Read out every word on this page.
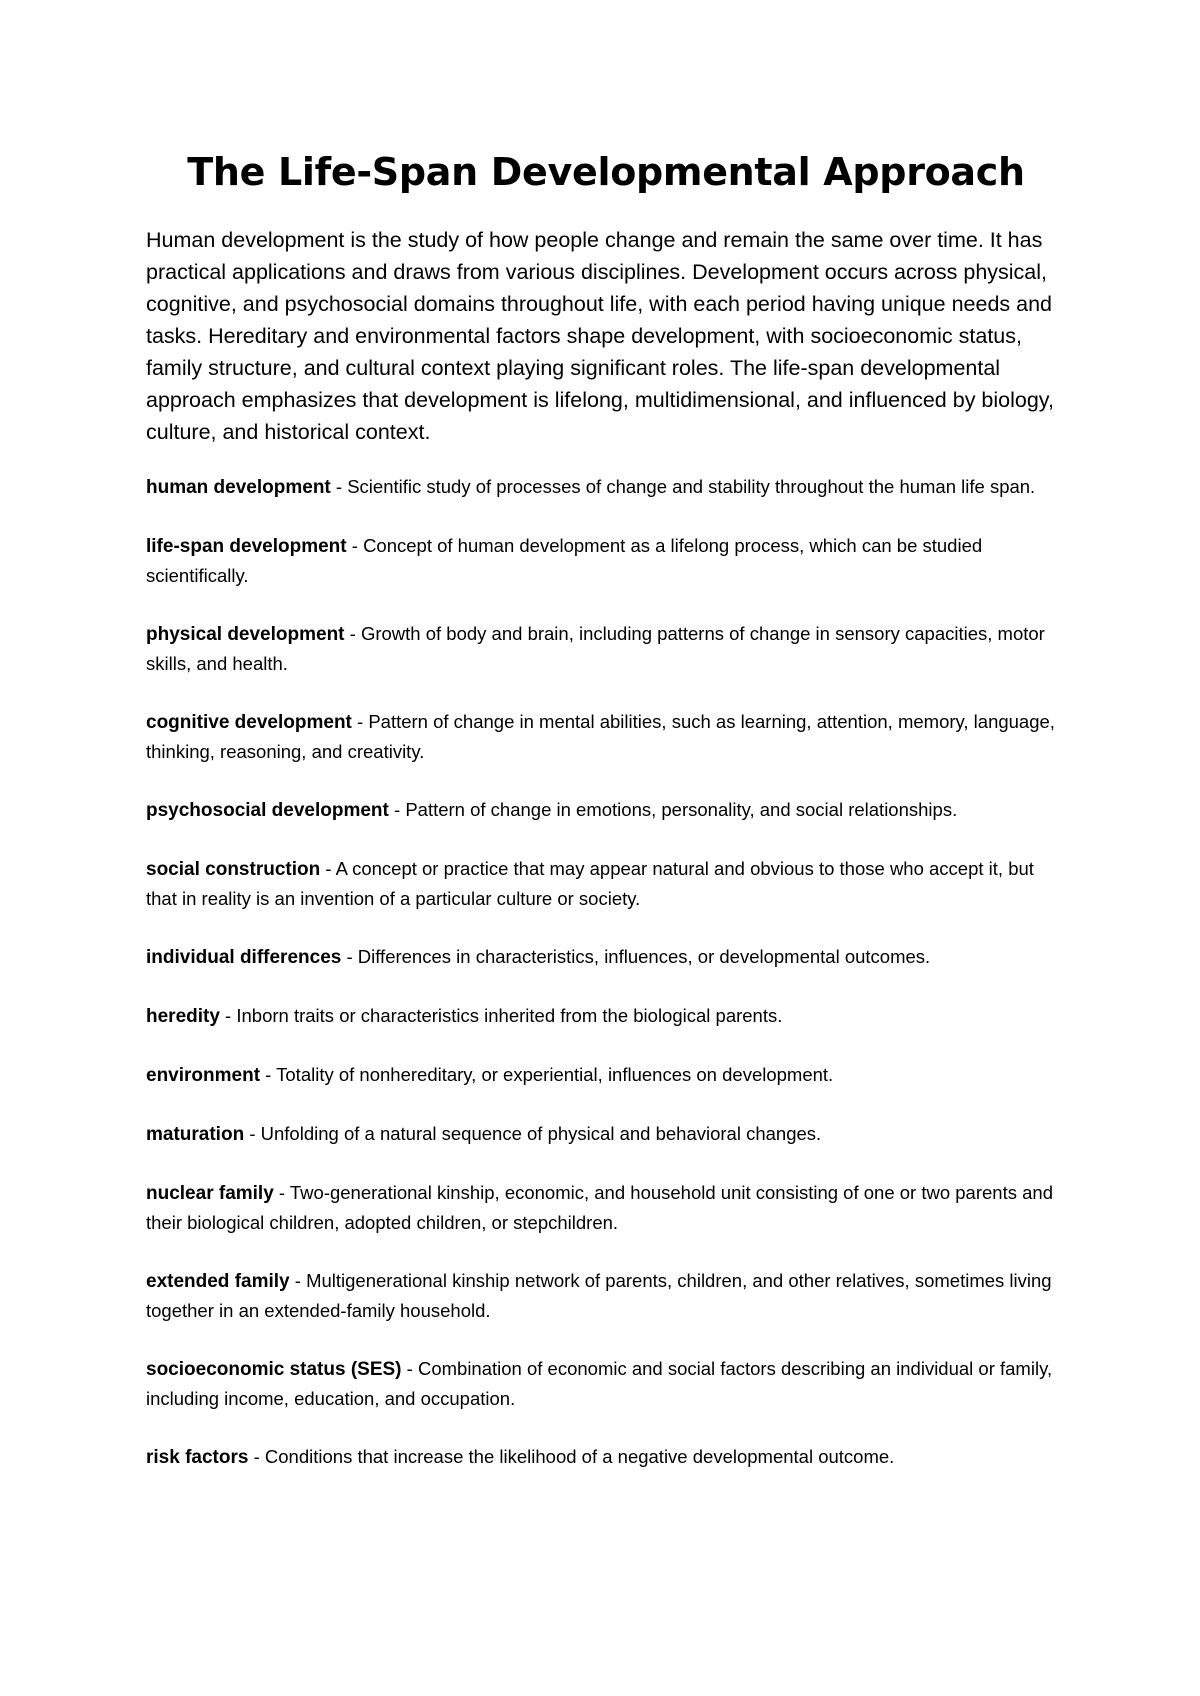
The Life-Span Developmental Approach

Human development is the study of how people change and remain the same over time. It has practical applications and draws from various disciplines. Development occurs across physical, cognitive, and psychosocial domains throughout life, with each period having unique needs and tasks. Hereditary and environmental factors shape development, with socioeconomic status, family structure, and cultural context playing significant roles. The life-span developmental approach emphasizes that development is lifelong, multidimensional, and influenced by biology, culture, and historical context.

human development - Scientific study of processes of change and stability throughout the human life span.

life-span development - Concept of human development as a lifelong process, which can be studied scientifically.

physical development - Growth of body and brain, including patterns of change in sensory capacities, motor skills, and health.

cognitive development - Pattern of change in mental abilities, such as learning, attention, memory, language, thinking, reasoning, and creativity.

psychosocial development - Pattern of change in emotions, personality, and social relationships.

social construction - A concept or practice that may appear natural and obvious to those who accept it, but that in reality is an invention of a particular culture or society.

individual differences - Differences in characteristics, influences, or developmental outcomes.

heredity - Inborn traits or characteristics inherited from the biological parents.

environment - Totality of nonhereditary, or experiential, influences on development.

maturation - Unfolding of a natural sequence of physical and behavioral changes.

nuclear family - Two-generational kinship, economic, and household unit consisting of one or two parents and their biological children, adopted children, or stepchildren.

extended family - Multigenerational kinship network of parents, children, and other relatives, sometimes living together in an extended-family household.

socioeconomic status (SES) - Combination of economic and social factors describing an individual or family, including income, education, and occupation.

risk factors - Conditions that increase the likelihood of a negative developmental outcome.
